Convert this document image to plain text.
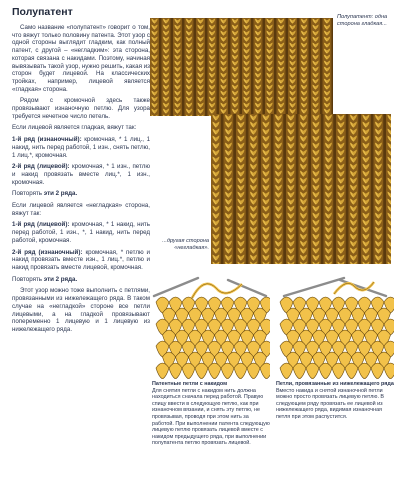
Полупатент

Само название «полупатент» говорит о том, что вяжут только половину патента. Этот узор с одной стороны выглядит гладким, как полный патент, с другой – «негладким»: эта сторона, которая связана с накидами. Поэтому, начиная вывязывать такой узор, нужно решить, какая из сторон будет лицевой. На классических тройках, например, лицевой является «гладкая» сторона.

Рядом с кромочной здесь также провязывают изнаночную петлю. Для узора требуется нечетное число петель.

Если лицевой является гладкая, вяжут так:

1-й ряд (изнаночный): кромочная, * 1 лиц., 1 накид, нить перед работой, 1 изн., снять петлю, 1 лиц.*, кромочная.

2-й ряд (лицевой): кромочная, * 1 изн., петлю и накид провязать вместе лиц.*, 1 изн., кромочная.

Повторять эти 2 ряда.

Если лицевой является «негладкая» сторона, вяжут так:

1-й ряд (лицевой): кромочная, * 1 накид, нить перед работой, 1 изн., *, 1 накид, нить перед работой, кромочная.

2-й ряд (изнаночный): кромочная, * петлю и накид провязать вместе изн., 1 лиц.*, петлю и накид провязать вместе лицевой, кромочная.

Повторять эти 2 ряда.

Этот узор можно тоже выполнить с петлями, провязанными из нижележащего ряда. В таком случае на «негладкой» стороне все петли лицевыми, а на гладкой провязывают попеременно 1 лицевую и 1 лицевую из нижележащего ряда.

Полупатент: одна сторона гладкая...
...другая сторона «негладкая».
Патентные петли с накидом
Для снятия петли с накидом нить должна находиться сначала перед работой. Правую спицу ввести в следующую петлю, как при изнаночном вязании, и снять эту петлю, не провязывая, проводя при этом нить за работой. При выполнении патента следующую лицевую петлю провязать лицевой вместе с накидом предыдущего ряда, при выполнении полупатента петлю провязать лицевой.
Петли, провязанные из нижележащего ряда
Вместо накида и снятой изнаночной петли можно просто провязать лицевую петлю. В следующем ряду провязать ее лицевой из нижележащего ряда, видимая изнаночная петля при этом распустится.
